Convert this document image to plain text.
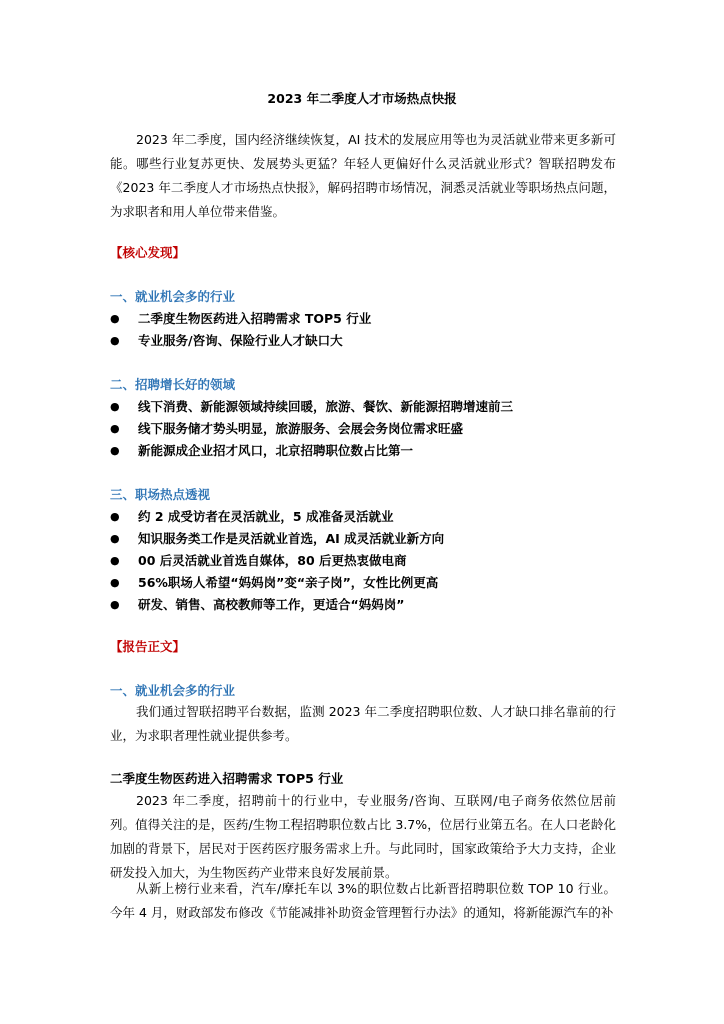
2023 年二季度人才市场热点快报

2023 年二季度，国内经济继续恢复，AI 技术的发展应用等也为灵活就业带来更多新可能。哪些行业复苏更快、发展势头更猛？年轻人更偏好什么灵活就业形式？智联招聘发布《2023 年二季度人才市场热点快报》，解码招聘市场情况，洞悉灵活就业等职场热点问题，为求职者和用人单位带来借鉴。

【核心发现】
一、就业机会多的行业
● 二季度生物医药进入招聘需求 TOP5 行业
● 专业服务/咨询、保险行业人才缺口大
二、招聘增长好的领域
● 线下消费、新能源领域持续回暖，旅游、餐饮、新能源招聘增速前三
● 线下服务储才势头明显，旅游服务、会展会务岗位需求旺盛
● 新能源成企业招才风口，北京招聘职位数占比第一
三、职场热点透视
● 约 2 成受访者在灵活就业，5 成准备灵活就业
● 知识服务类工作是灵活就业首选，AI 成灵活就业新方向
● 00 后灵活就业首选自媒体，80 后更热衷做电商
● 56%职场人希望“妈妈岗”变“亲子岗”，女性比例更高
● 研发、销售、高校教师等工作，更适合“妈妈岗”
【报告正文】
一、就业机会多的行业

我们通过智联招聘平台数据，监测 2023 年二季度招聘职位数、人才缺口排名靠前的行业，为求职者理性就业提供参考。

二季度生物医药进入招聘需求 TOP5 行业

2023 年二季度，招聘前十的行业中，专业服务/咨询、互联网/电子商务依然位居前列。值得关注的是，医药/生物工程招聘职位数占比 3.7%，位居行业第五名。在人口老龄化加剧的背景下，居民对于医药医疗服务需求上升。与此同时，国家政策给予大力支持，企业研发投入加大，为生物医药产业带来良好发展前景。

从新上榜行业来看，汽车/摩托车以 3%的职位数占比新晋招聘职位数 TOP 10 行业。今年 4 月，财政部发布修改《节能减排补助资金管理暂行办法》的通知，将新能源汽车的补
